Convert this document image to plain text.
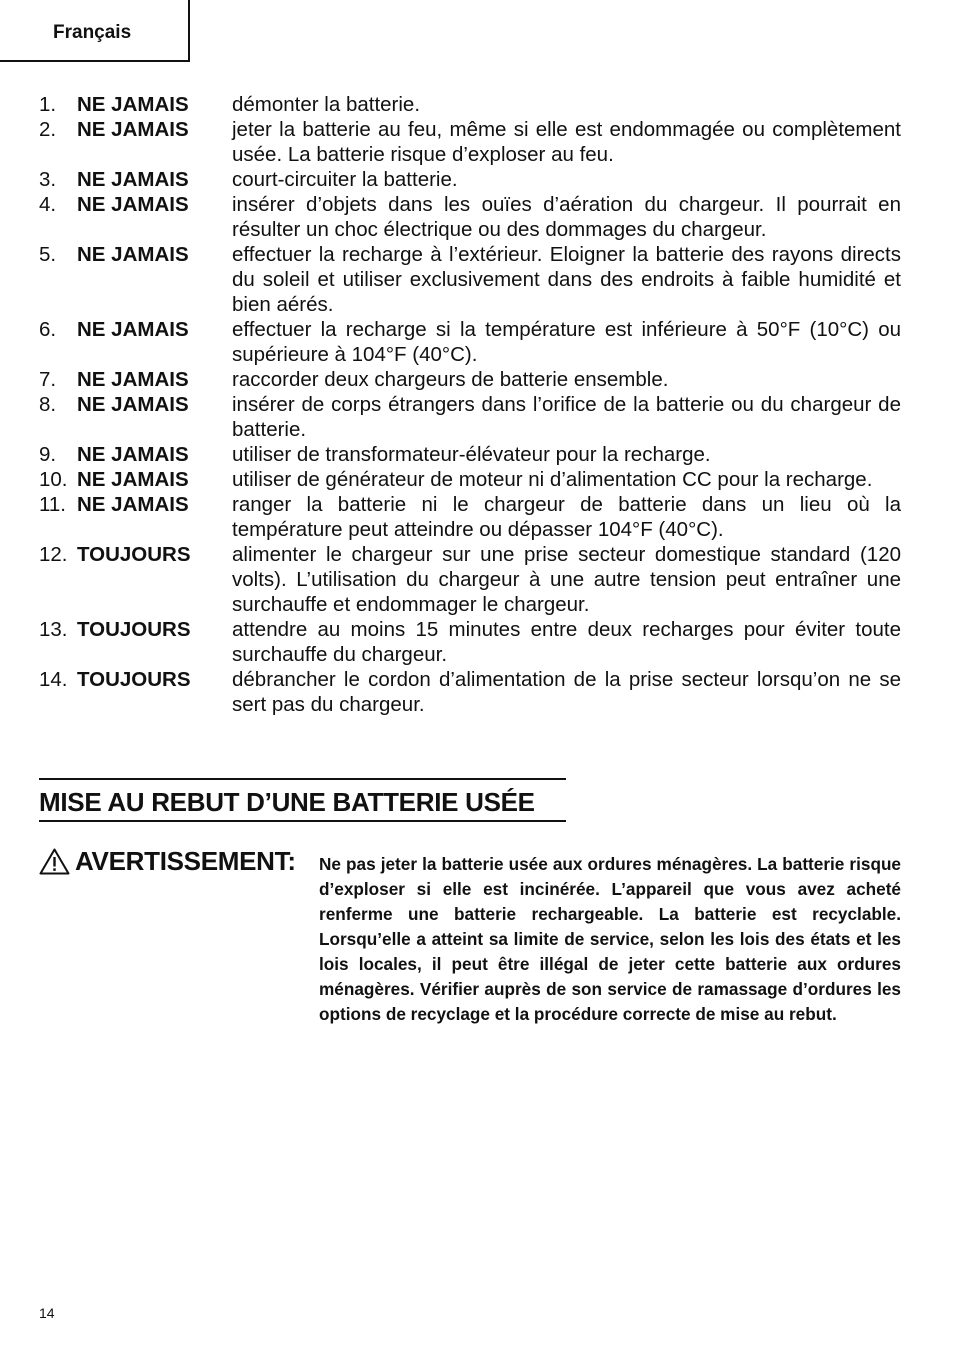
Français
1.	NE JAMAIS	démonter la batterie.
2.	NE JAMAIS	jeter la batterie au feu, même si elle est endommagée ou complètement usée. La batterie risque d’exploser au feu.
3.	NE JAMAIS	court-circuiter la batterie.
4.	NE JAMAIS	insérer d’objets dans les ouïes d’aération du chargeur. Il pourrait en résulter un choc électrique ou des dommages du chargeur.
5.	NE JAMAIS	effectuer la recharge à l’extérieur. Eloigner la batterie des rayons directs du soleil et utiliser exclusivement dans des endroits à faible humidité et bien aérés.
6.	NE JAMAIS	effectuer la recharge si la température est inférieure à 50°F (10°C) ou supérieure à 104°F (40°C).
7.	NE JAMAIS	raccorder deux chargeurs de batterie ensemble.
8.	NE JAMAIS	insérer de corps étrangers dans l’orifice de la batterie ou du chargeur de batterie.
9.	NE JAMAIS	utiliser de transformateur-élévateur pour la recharge.
10. NE JAMAIS	utiliser de générateur de moteur ni d’alimentation CC pour la recharge.
11. NE JAMAIS	ranger la batterie ni le chargeur de batterie dans un lieu où la température peut atteindre ou dépasser 104°F (40°C).
12. TOUJOURS	alimenter le chargeur sur une prise secteur domestique standard (120 volts). L’utilisation du chargeur à une autre tension peut entraîner une surchauffe et endommager le chargeur.
13. TOUJOURS	attendre au moins 15 minutes entre deux recharges pour éviter toute surchauffe du chargeur.
14. TOUJOURS	débrancher le cordon d’alimentation de la prise secteur lorsqu’on ne se sert pas du chargeur.
MISE AU REBUT D’UNE BATTERIE USÉE
AVERTISSEMENT: Ne pas jeter la batterie usée aux ordures ménagères. La batterie risque d’exploser si elle est incinérée. L’appareil que vous avez acheté renferme une batterie rechargeable. La batterie est recyclable. Lorsqu’elle a atteint sa limite de service, selon les lois des états et les lois locales, il peut être illégal de jeter cette batterie aux ordures ménagères. Vérifier auprès de son service de ramassage d’ordures les options de recyclage et la procédure correcte de mise au rebut.
14
